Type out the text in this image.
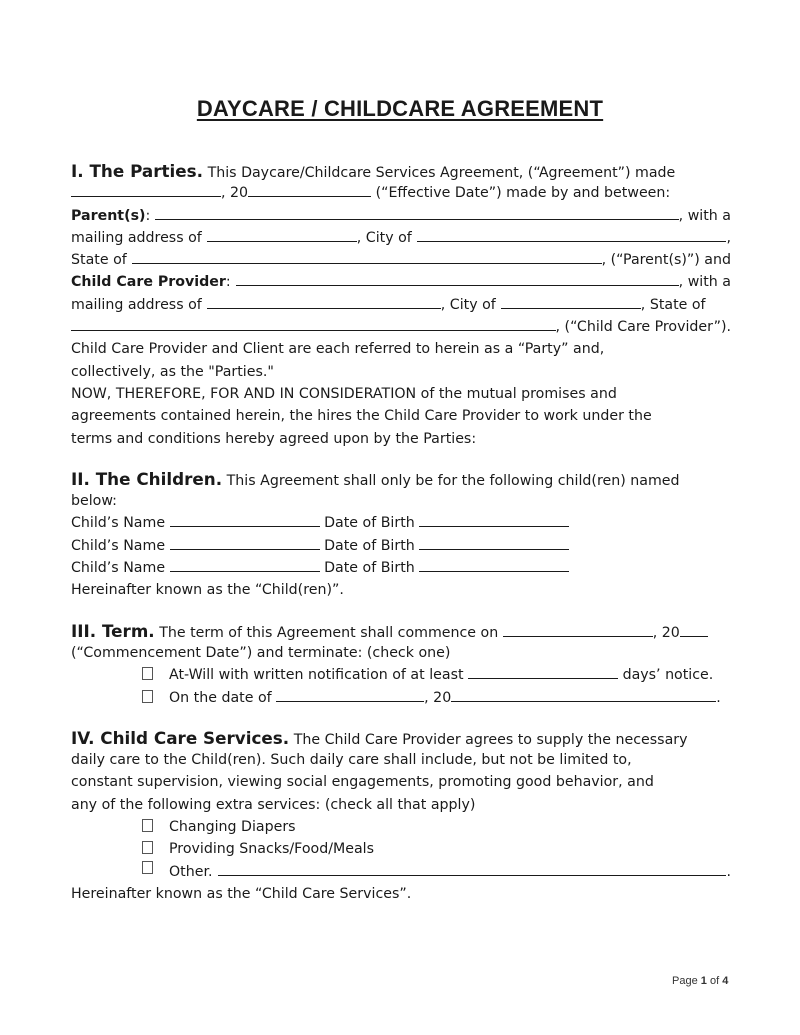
DAYCARE / CHILDCARE AGREEMENT
I. The Parties. This Daycare/Childcare Services Agreement, (“Agreement”) made
, 20	(“Effective Date”) made by and between:
Parent(s) :	, with a
mailing address of	, City of	,
State of	, (“Parent(s)”) and
Child Care Provider :	, with a
mailing address of	, City of	, State of
, (“Child Care Provider”).
Child Care Provider and Client are each referred to herein as a “Party” and,
collectively, as the "Parties."
NOW, THEREFORE, FOR AND IN CONSIDERATION of the mutual promises and
agreements contained herein, the hires the Child Care Provider to work under the
terms and conditions hereby agreed upon by the Parties:
II. The Children. This Agreement shall only be for the following child(ren) named
below:
Child’s Name	Date of Birth
Child’s Name	Date of Birth
Child’s Name	Date of Birth
Hereinafter known as the “Child(ren)”.
III. Term. The term of this Agreement shall commence on	, 20
(“Commencement Date”) and terminate: (check one)
At-Will with written notification of at least	days’ notice.
On the date of	, 20	.
IV. Child Care Services. The Child Care Provider agrees to supply the necessary
daily care to the Child(ren). Such daily care shall include, but not be limited to,
constant supervision, viewing social engagements, promoting good behavior, and
any of the following extra services: (check all that apply)
Changing Diapers
Providing Snacks/Food/Meals
Other.	.
Hereinafter known as the “Child Care Services”.
Page 1 of 4
